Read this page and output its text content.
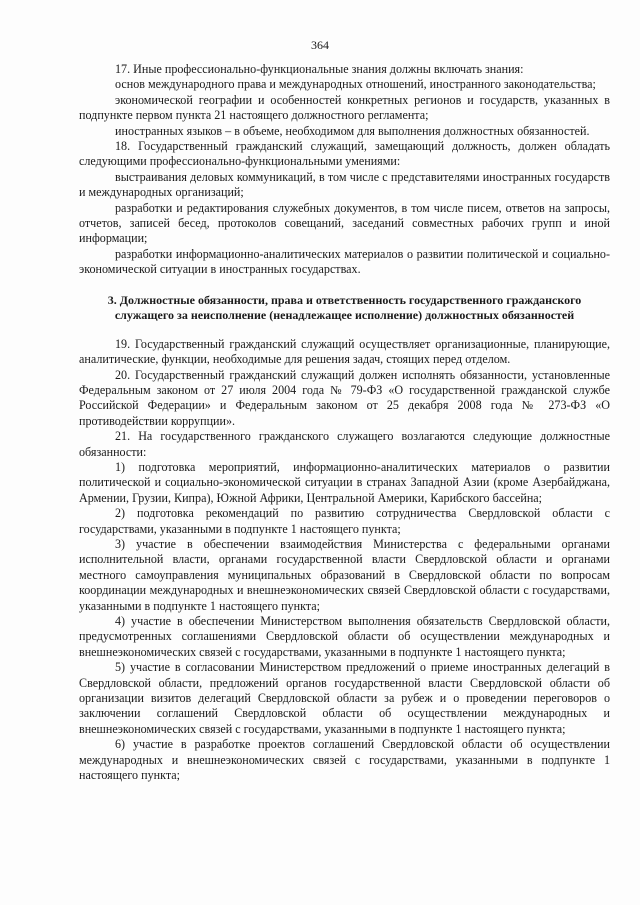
364

17. Иные профессионально-функциональные знания должны включать знания:

основ международного права и международных отношений, иностранного законодательства;

экономической географии и особенностей конкретных регионов и государств, указанных в подпункте первом пункта 21 настоящего должностного регламента;

иностранных языков – в объеме, необходимом для выполнения должностных обязанностей.

18. Государственный гражданский служащий, замещающий должность, должен обладать следующими профессионально-функциональными умениями:

выстраивания деловых коммуникаций, в том числе с представителями иностранных государств и международных организаций;

разработки и редактирования служебных документов, в том числе писем, ответов на запросы, отчетов, записей бесед, протоколов совещаний, заседаний совместных рабочих групп и иной информации;

разработки информационно-аналитических материалов о развитии политической и социально-экономической ситуации в иностранных государствах.

3. Должностные обязанности, права и ответственность государственного гражданского служащего за неисполнение (ненадлежащее исполнение) должностных обязанностей

19. Государственный гражданский служащий осуществляет организационные, планирующие, аналитические, функции, необходимые для решения задач, стоящих перед отделом.

20. Государственный гражданский служащий должен исполнять обязанности, установленные Федеральным законом от 27 июля 2004 года № 79-ФЗ «О государственной гражданской службе Российской Федерации» и Федеральным законом от 25 декабря 2008 года № 273-ФЗ «О противодействии коррупции».

21. На государственного гражданского служащего возлагаются следующие должностные обязанности:

1) подготовка мероприятий, информационно-аналитических материалов о развитии политической и социально-экономической ситуации в странах Западной Азии (кроме Азербайджана, Армении, Грузии, Кипра), Южной Африки, Центральной Америки, Карибского бассейна;

2) подготовка рекомендаций по развитию сотрудничества Свердловской области с государствами, указанными в подпункте 1 настоящего пункта;

3) участие в обеспечении взаимодействия Министерства с федеральными органами исполнительной власти, органами государственной власти Свердловской области и органами местного самоуправления муниципальных образований в Свердловской области по вопросам координации международных и внешнеэкономических связей Свердловской области с государствами, указанными в подпункте 1 настоящего пункта;

4) участие в обеспечении Министерством выполнения обязательств Свердловской области, предусмотренных соглашениями Свердловской области об осуществлении международных и внешнеэкономических связей с государствами, указанными в подпункте 1 настоящего пункта;

5) участие в согласовании Министерством предложений о приеме иностранных делегаций в Свердловской области, предложений органов государственной власти Свердловской области об организации визитов делегаций Свердловской области за рубеж и о проведении переговоров о заключении соглашений Свердловской области об осуществлении международных и внешнеэкономических связей с государствами, указанными в подпункте 1 настоящего пункта;

6) участие в разработке проектов соглашений Свердловской области об осуществлении международных и внешнеэкономических связей с государствами, указанными в подпункте 1 настоящего пункта;
